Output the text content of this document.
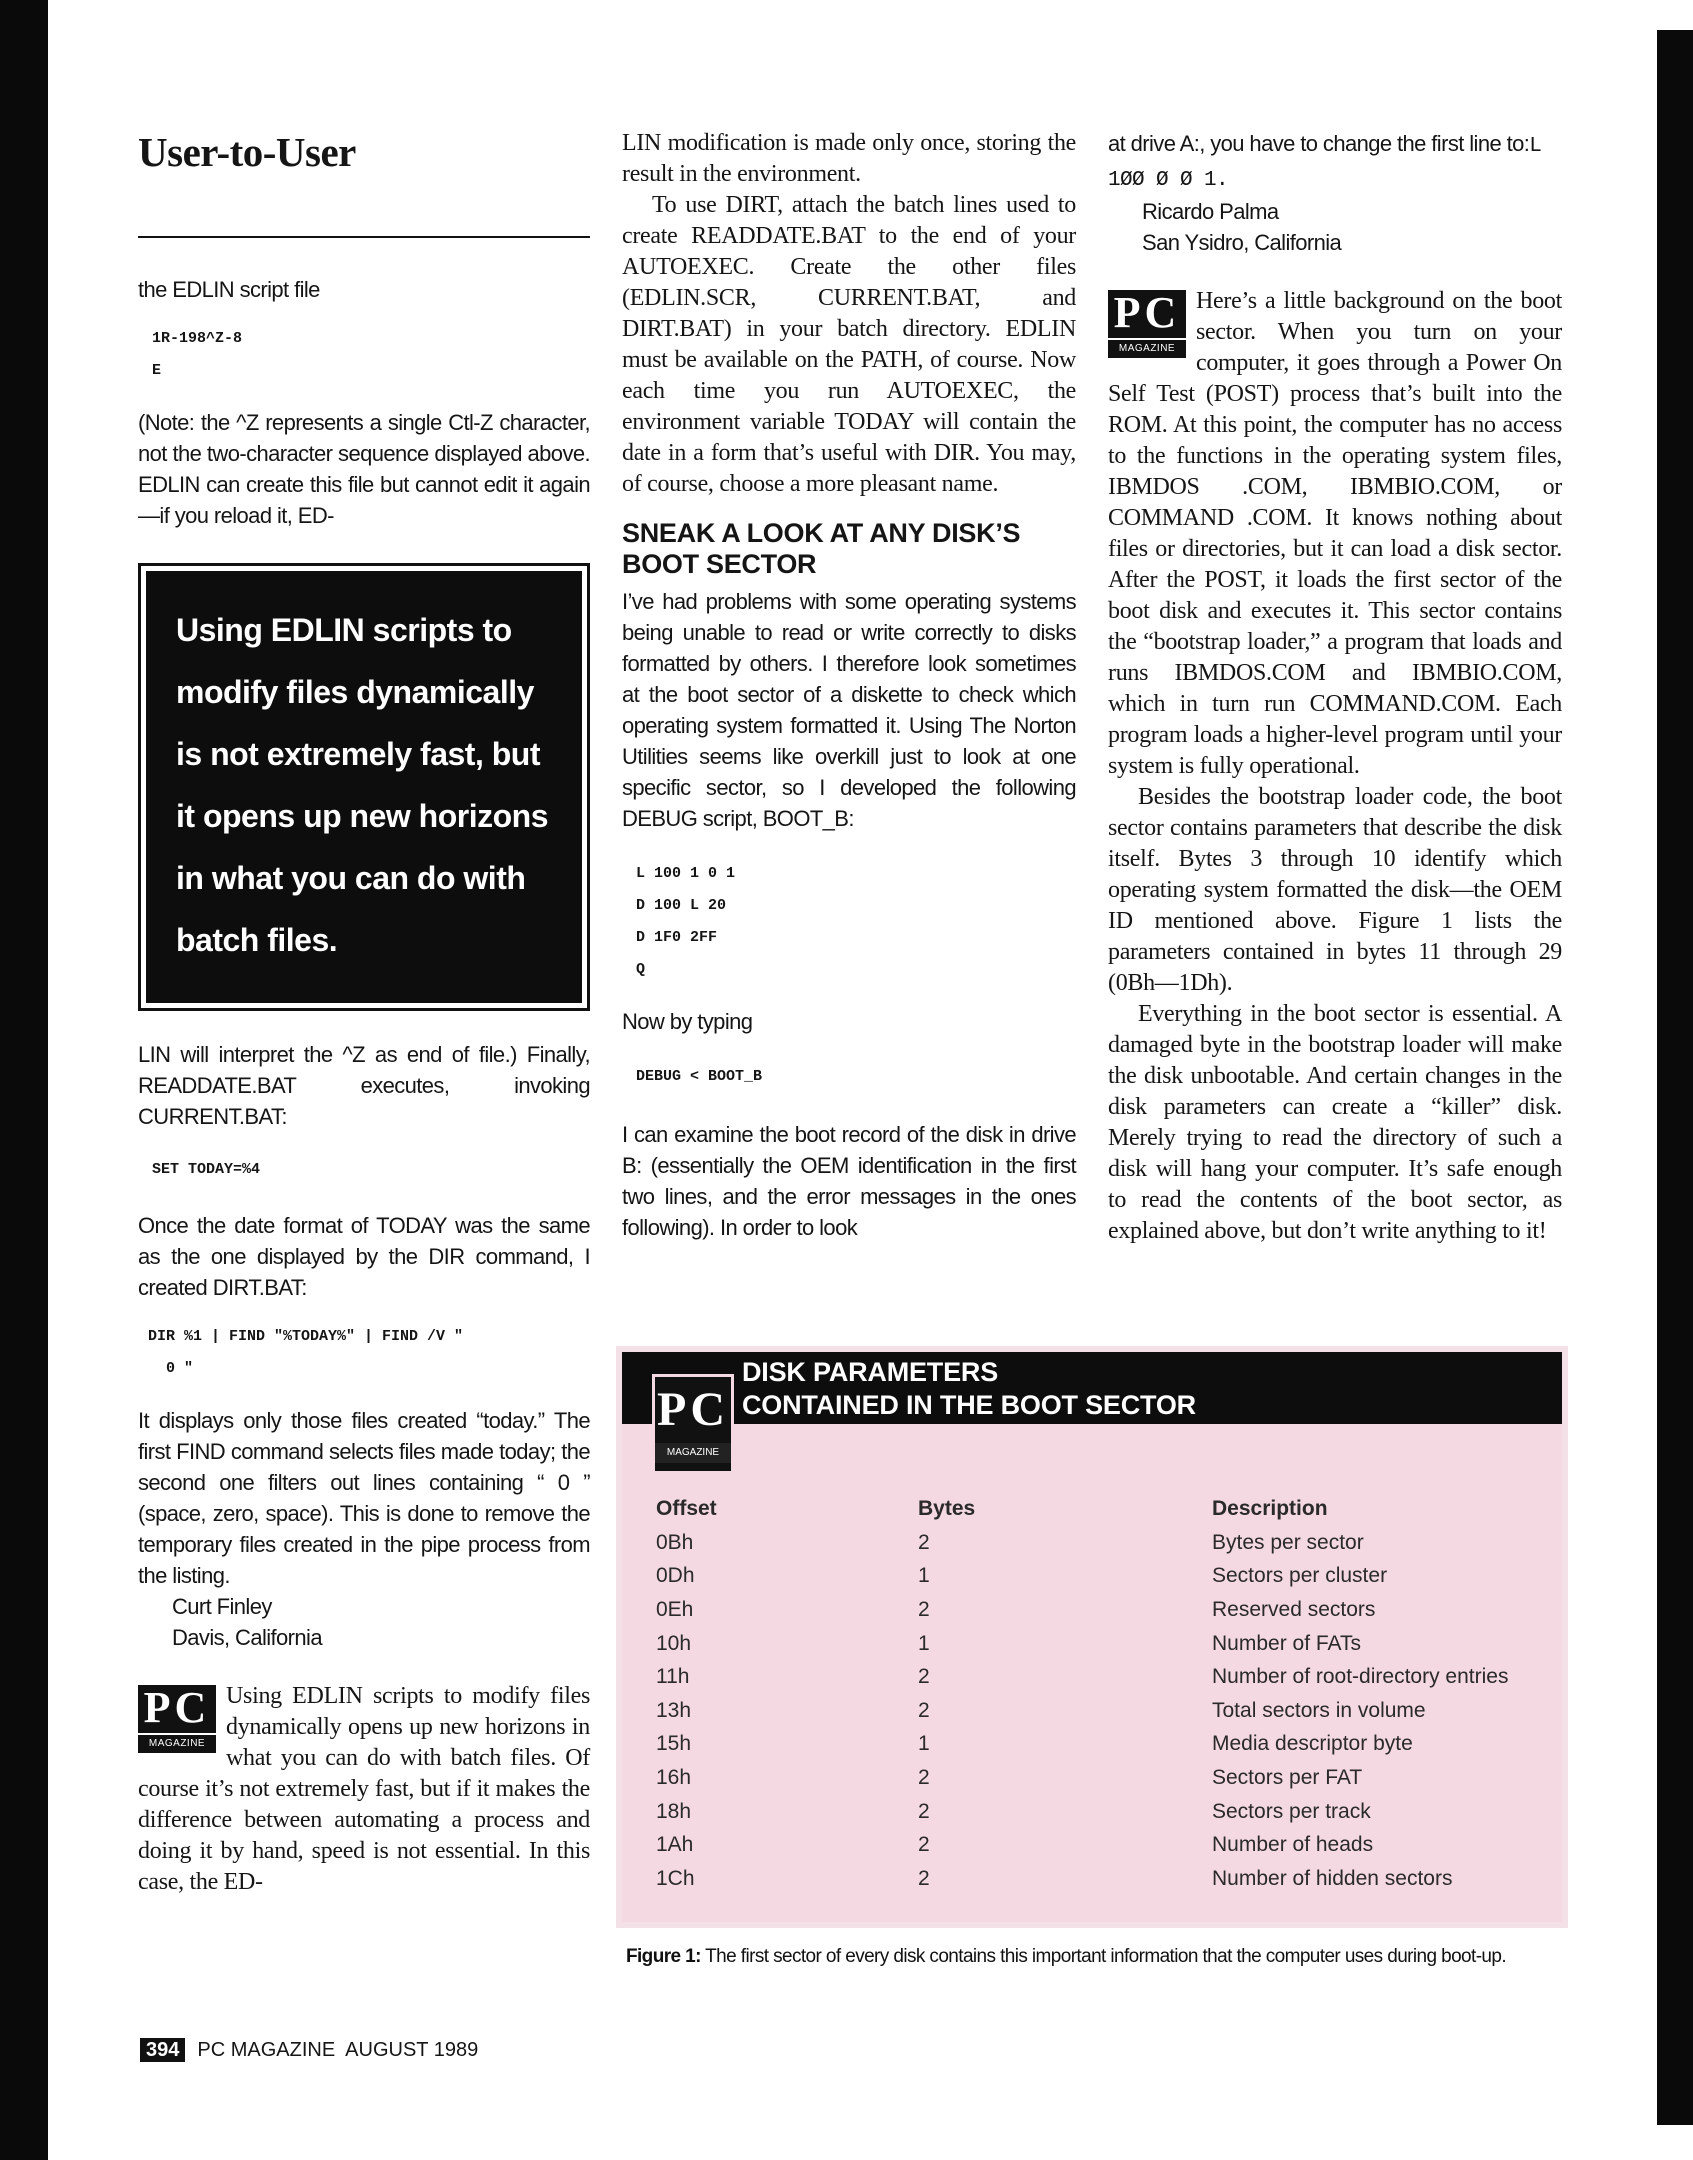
User-to-User

the EDLIN script file

1R-198^Z-8
E

(Note: the ^Z represents a single Ctl-Z character, not the two-character sequence displayed above. EDLIN can create this file but cannot edit it again—if you reload it, ED-

Using EDLIN scripts to modify files dynamically is not extremely fast, but it opens up new horizons in what you can do with batch files.

LIN will interpret the ^Z as end of file.) Finally, READDATE.BAT executes, invoking CURRENT.BAT:

SET TODAY=%4

Once the date format of TODAY was the same as the one displayed by the DIR command, I created DIRT.BAT:

DIR %1 | FIND "%TODAY%" | FIND /V "
0 "

It displays only those files created “today.” The first FIND command selects files made today; the second one filters out lines containing “ 0 ” (space, zero, space). This is done to remove the temporary files created in the pipe process from the listing.

Curt Finley

Davis, California

PC
MAGAZINE

Using EDLIN scripts to modify files dynamically opens up new horizons in what you can do with batch files. Of course it’s not extremely fast, but if it makes the difference between automating a process and doing it by hand, speed is not essential. In this case, the ED-

LIN modification is made only once, storing the result in the environment.

To use DIRT, attach the batch lines used to create READDATE.BAT to the end of your AUTOEXEC. Create the other files (EDLIN.SCR, CURRENT.BAT, and DIRT.BAT) in your batch directory. EDLIN must be available on the PATH, of course. Now each time you run AUTOEXEC, the environment variable TODAY will contain the date in a form that’s useful with DIR. You may, of course, choose a more pleasant name.

SNEAK A LOOK AT ANY DISK’S BOOT SECTOR

I’ve had problems with some operating systems being unable to read or write correctly to disks formatted by others. I therefore look sometimes at the boot sector of a diskette to check which operating system formatted it. Using The Norton Utilities seems like overkill just to look at one specific sector, so I developed the following DEBUG script, BOOT_B:

L 100 1 0 1
D 100 L 20
D 1F0 2FF
Q

Now by typing

DEBUG < BOOT_B

I can examine the boot record of the disk in drive B: (essentially the OEM identification in the first two lines, and the error messages in the ones following). In order to look

at drive A:, you have to change the first line to:L 1ØØ Ø Ø 1.

Ricardo Palma

San Ysidro, California

PC
MAGAZINE

Here’s a little background on the boot sector. When you turn on your computer, it goes through a Power On Self Test (POST) process that’s built into the ROM. At this point, the computer has no access to the functions in the operating system files, IBMDOS .COM, IBMBIO.COM, or COMMAND .COM. It knows nothing about files or directories, but it can load a disk sector. After the POST, it loads the first sector of the boot disk and executes it. This sector contains the “bootstrap loader,” a program that loads and runs IBMDOS.COM and IBMBIO.COM, which in turn run COMMAND.COM. Each program loads a higher-level program until your system is fully operational.

Besides the bootstrap loader code, the boot sector contains parameters that describe the disk itself. Bytes 3 through 10 identify which operating system formatted the disk—the OEM ID mentioned above. Figure 1 lists the parameters contained in bytes 11 through 29 (0Bh—1Dh).

Everything in the boot sector is essential. A damaged byte in the bootstrap loader will make the disk unbootable. And certain changes in the disk parameters can create a “killer” disk. Merely trying to read the directory of such a disk will hang your computer. It’s safe enough to read the contents of the boot sector, as explained above, but don’t write anything to it!

PC
MAGAZINE
DISK PARAMETERS
CONTAINED IN THE BOOT SECTOR
Offset	Bytes	Description
0Bh	2	Bytes per sector
0Dh	1	Sectors per cluster
0Eh	2	Reserved sectors
10h	1	Number of FATs
11h	2	Number of root-directory entries
13h	2	Total sectors in volume
15h	1	Media descriptor byte
16h	2	Sectors per FAT
18h	2	Sectors per track
1Ah	2	Number of heads
1Ch	2	Number of hidden sectors
Figure 1: The first sector of every disk contains this important information that the computer uses during boot-up.
394 PC MAGAZINE  AUGUST 1989
